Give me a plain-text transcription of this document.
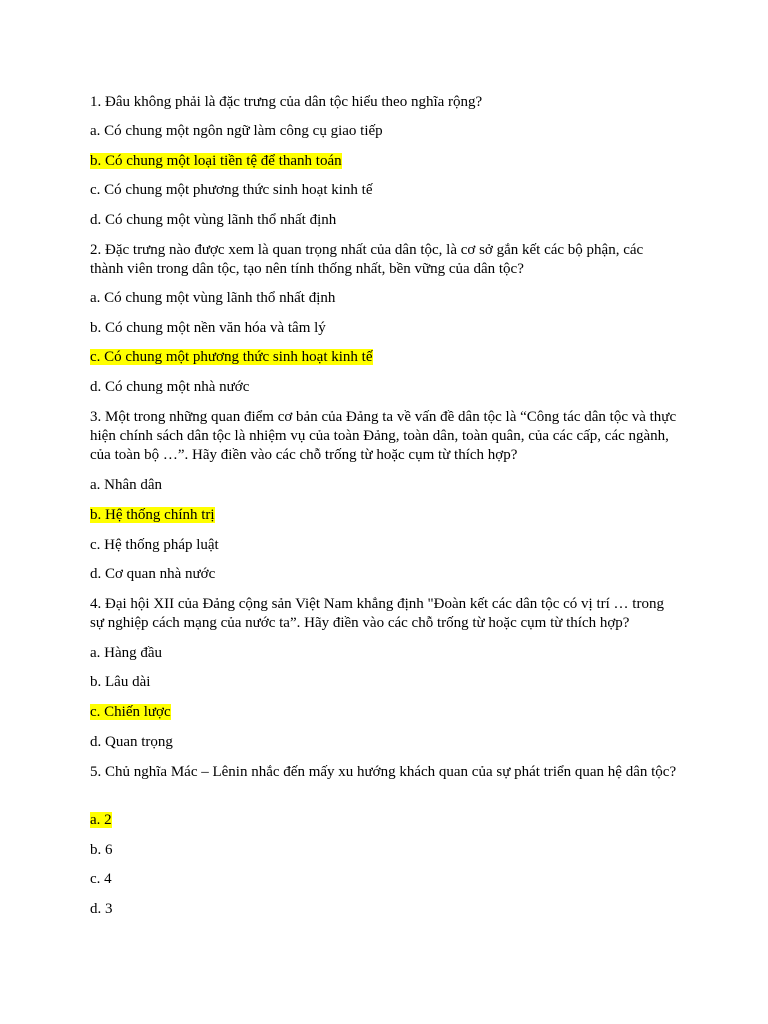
1. Đâu không phải là đặc trưng của dân tộc hiểu theo nghĩa rộng?
a. Có chung một ngôn ngữ làm công cụ giao tiếp
b. Có chung một loại tiền tệ để thanh toán
c. Có chung một phương thức sinh hoạt kinh tế
d. Có chung một vùng lãnh thổ nhất định
2. Đặc trưng nào được xem là quan trọng nhất của dân tộc, là cơ sở gắn kết các bộ phận, các thành viên trong dân tộc, tạo nên tính thống nhất, bền vững của dân tộc?
a. Có chung một vùng lãnh thổ nhất định
b. Có chung một nền văn hóa và tâm lý
c. Có chung một phương thức sinh hoạt kinh tế
d. Có chung một nhà nước
3. Một trong những quan điểm cơ bản của Đảng ta về vấn đề dân tộc là “Công tác dân tộc và thực hiện chính sách dân tộc là nhiệm vụ của toàn Đảng, toàn dân, toàn quân, của các cấp, các ngành, của toàn bộ …”. Hãy điền vào các chỗ trống từ hoặc cụm từ thích hợp?
a. Nhân dân
b. Hệ thống chính trị
c. Hệ thống pháp luật
d. Cơ quan nhà nước
4. Đại hội XII của Đảng cộng sản Việt Nam khẳng định "Đoàn kết các dân tộc có vị trí … trong sự nghiệp cách mạng của nước ta”. Hãy điền vào các chỗ trống từ hoặc cụm từ thích hợp?
a. Hàng đầu
b. Lâu dài
c. Chiến lược
d. Quan trọng
5. Chủ nghĩa Mác – Lênin nhắc đến mấy xu hướng khách quan của sự phát triển quan hệ dân tộc?
a. 2
b. 6
c. 4
d. 3
